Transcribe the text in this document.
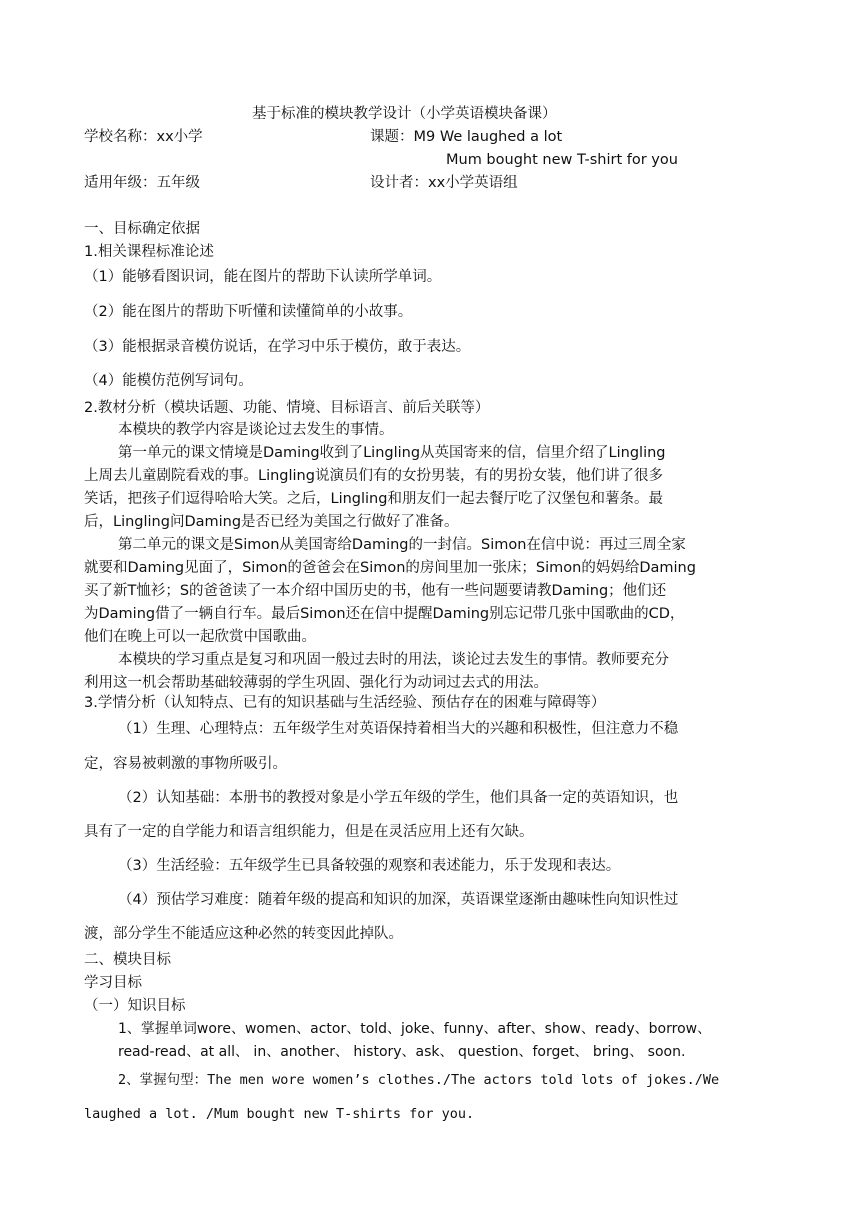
基于标准的模块教学设计（小学英语模块备课）
学校名称：xx小学	课题：M9 We laughed a lot
Mum bought new T-shirt for you
适用年级：五年级	设计者：xx小学英语组
一、目标确定依据
1.相关课程标准论述
（1）能够看图识词，能在图片的帮助下认读所学单词。
（2）能在图片的帮助下听懂和读懂简单的小故事。
（3）能根据录音模仿说话，在学习中乐于模仿，敢于表达。
（4）能模仿范例写词句。
2.教材分析（模块话题、功能、情境、目标语言、前后关联等）
本模块的教学内容是谈论过去发生的事情。
第一单元的课文情境是Daming收到了Lingling从英国寄来的信，信里介绍了Lingling
上周去儿童剧院看戏的事。Lingling说演员们有的女扮男装，有的男扮女装，他们讲了很多
笑话，把孩子们逗得哈哈大笑。之后，Lingling和朋友们一起去餐厅吃了汉堡包和薯条。最
后，Lingling问Daming是否已经为美国之行做好了准备。
第二单元的课文是Simon从美国寄给Daming的一封信。Simon在信中说：再过三周全家
就要和Daming见面了，Simon的爸爸会在Simon的房间里加一张床；Simon的妈妈给Daming
买了新T恤衫；S的爸爸读了一本介绍中国历史的书，他有一些问题要请教Daming；他们还
为Daming借了一辆自行车。最后Simon还在信中提醒Daming别忘记带几张中国歌曲的CD，
他们在晚上可以一起欣赏中国歌曲。
本模块的学习重点是复习和巩固一般过去时的用法，谈论过去发生的事情。教师要充分
利用这一机会帮助基础较薄弱的学生巩固、强化行为动词过去式的用法。
3.学情分析（认知特点、已有的知识基础与生活经验、预估存在的困难与障碍等）
（1）生理、心理特点：五年级学生对英语保持着相当大的兴趣和积极性，但注意力不稳
定，容易被刺激的事物所吸引。
（2）认知基础：本册书的教授对象是小学五年级的学生，他们具备一定的英语知识，也
具有了一定的自学能力和语言组织能力，但是在灵活应用上还有欠缺。
（3）生活经验：五年级学生已具备较强的观察和表述能力，乐于发现和表达。
（4）预估学习难度：随着年级的提高和知识的加深，英语课堂逐渐由趣味性向知识性过
渡，部分学生不能适应这种必然的转变因此掉队。
二、模块目标
学习目标
（一）知识目标
1、掌握单词wore、women、actor、told、joke、funny、after、show、ready、borrow、
read-read、at all、 in、another、 history、ask、 question、forget、 bring、 soon.
2、掌握句型：The men wore women’s clothes./The actors told lots of jokes./We
laughed a lot. /Mum bought new T-shirts for you.
